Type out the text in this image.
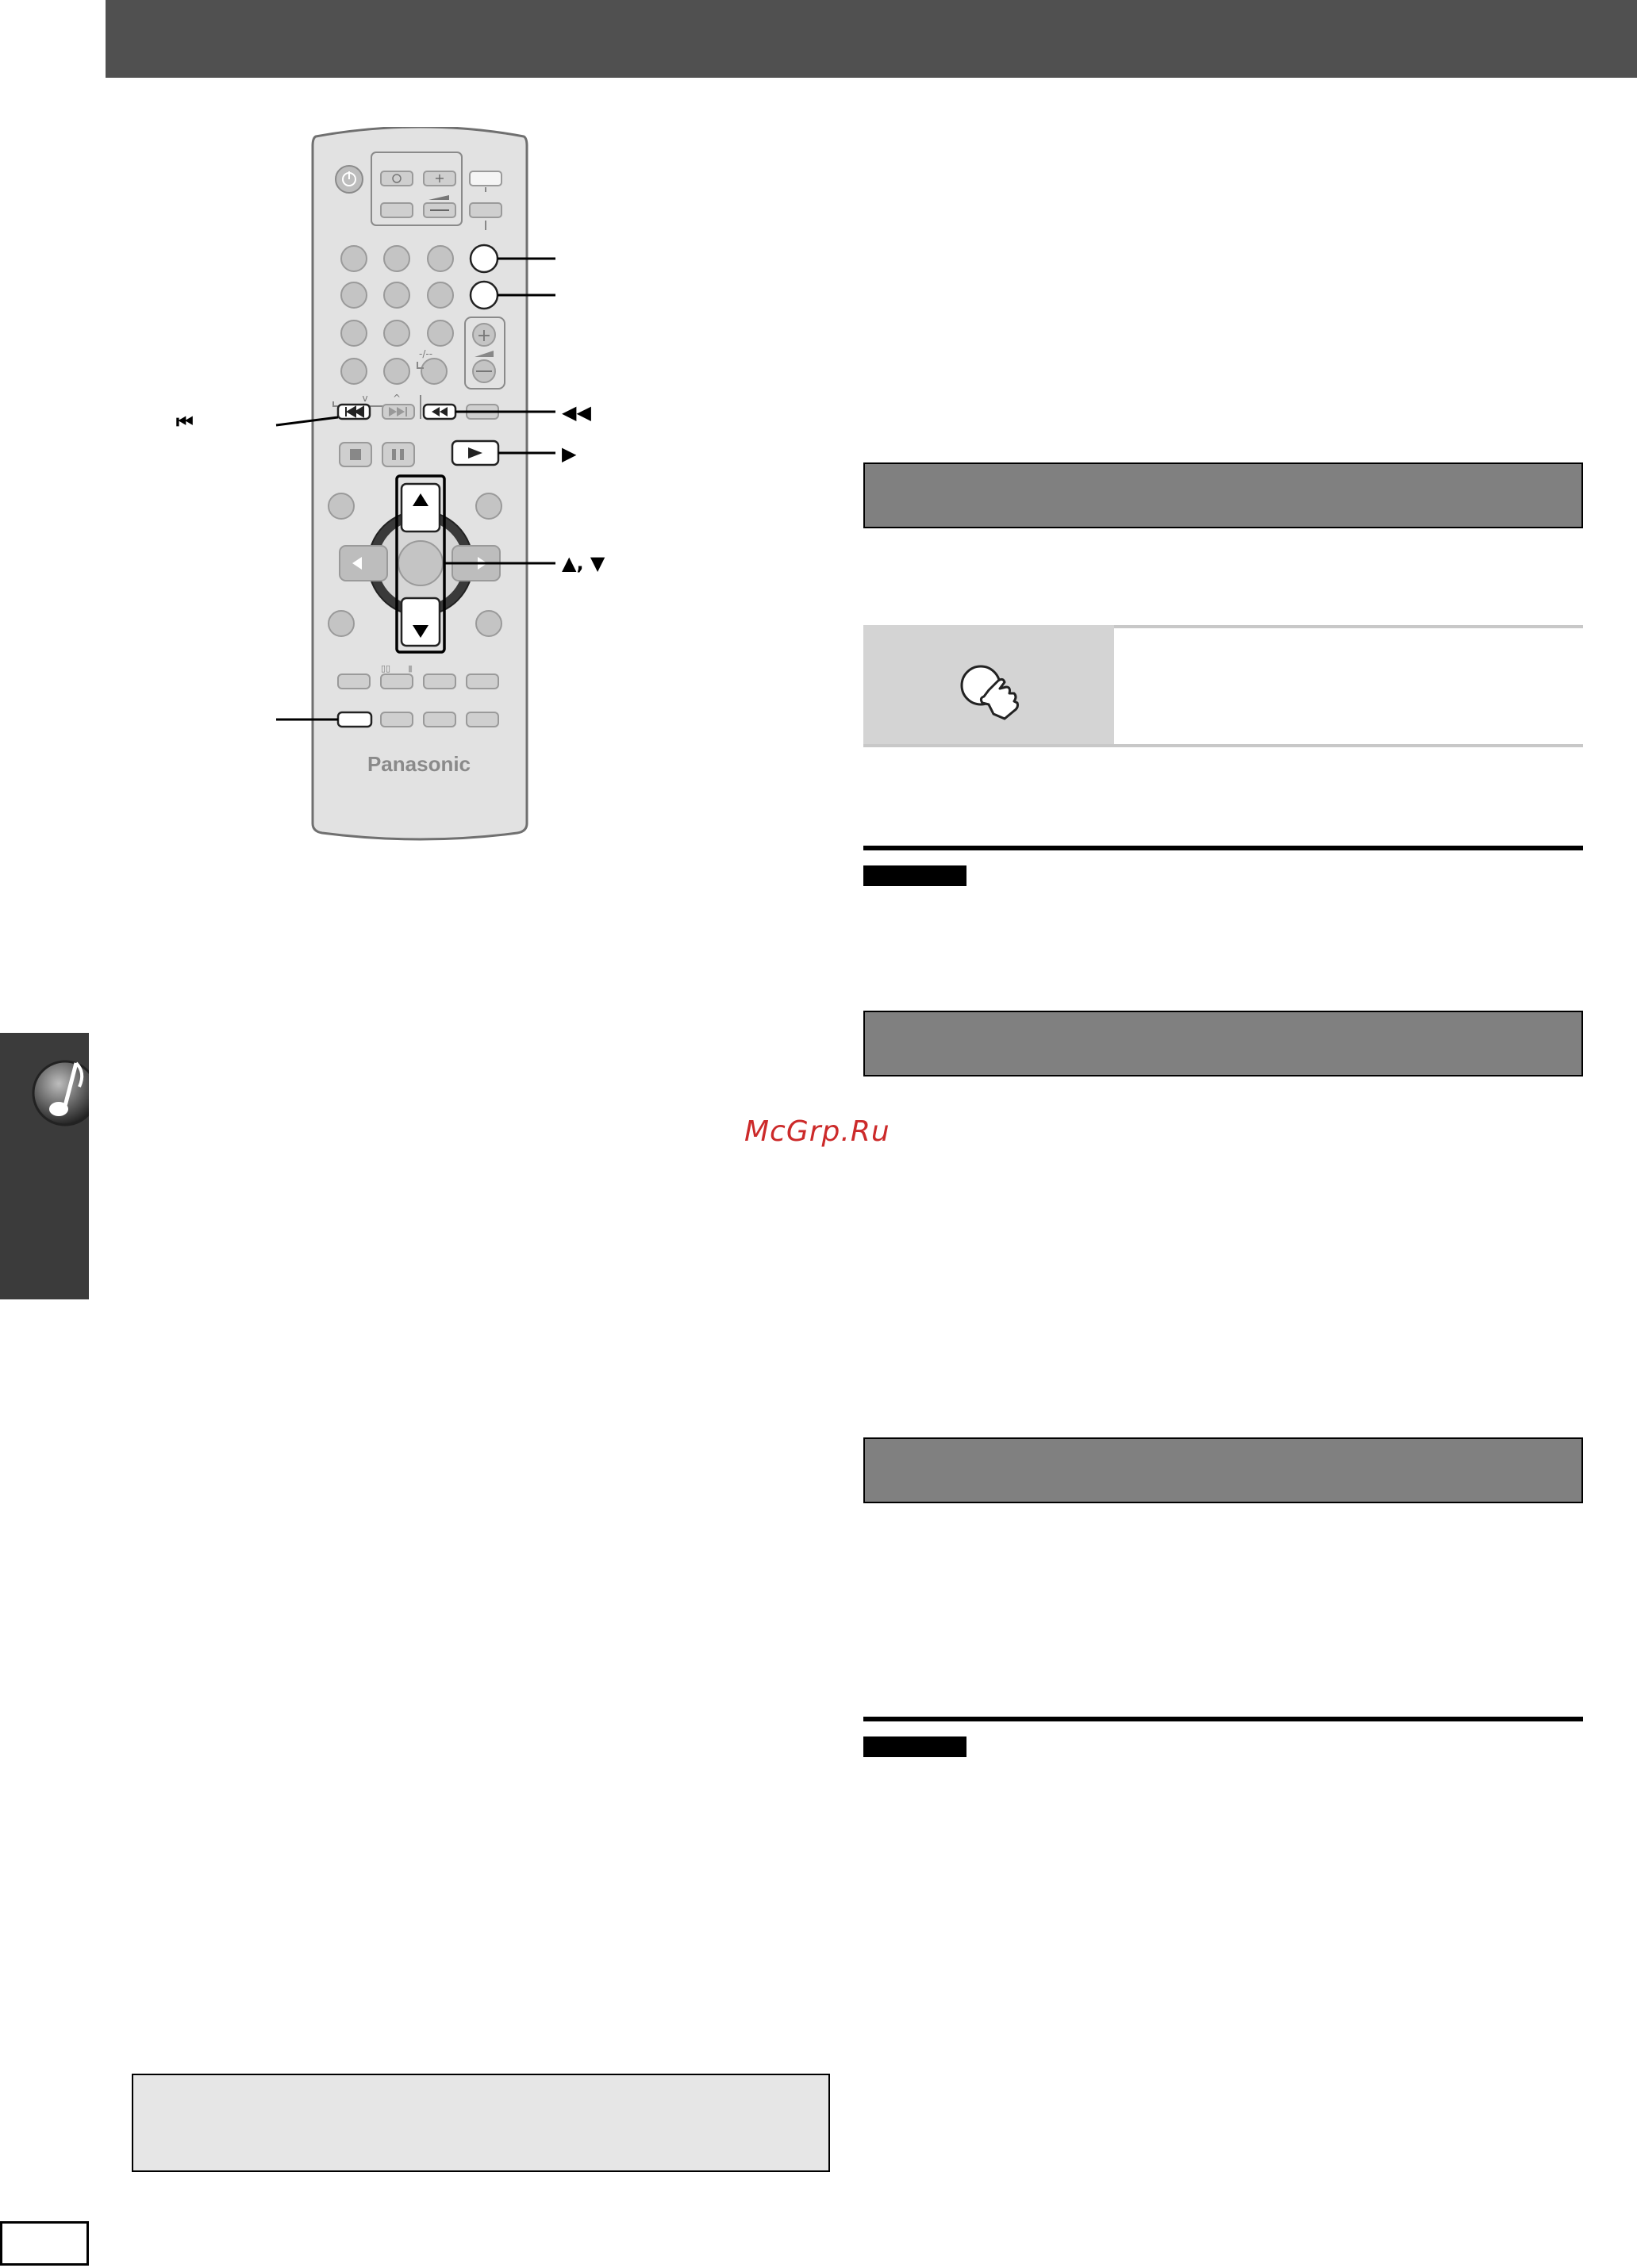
⏮	◀◀
▶
▲, ▼
+
+
-/--
v	^
▯▯ ▮
Panasonic
McGrp.Ru
